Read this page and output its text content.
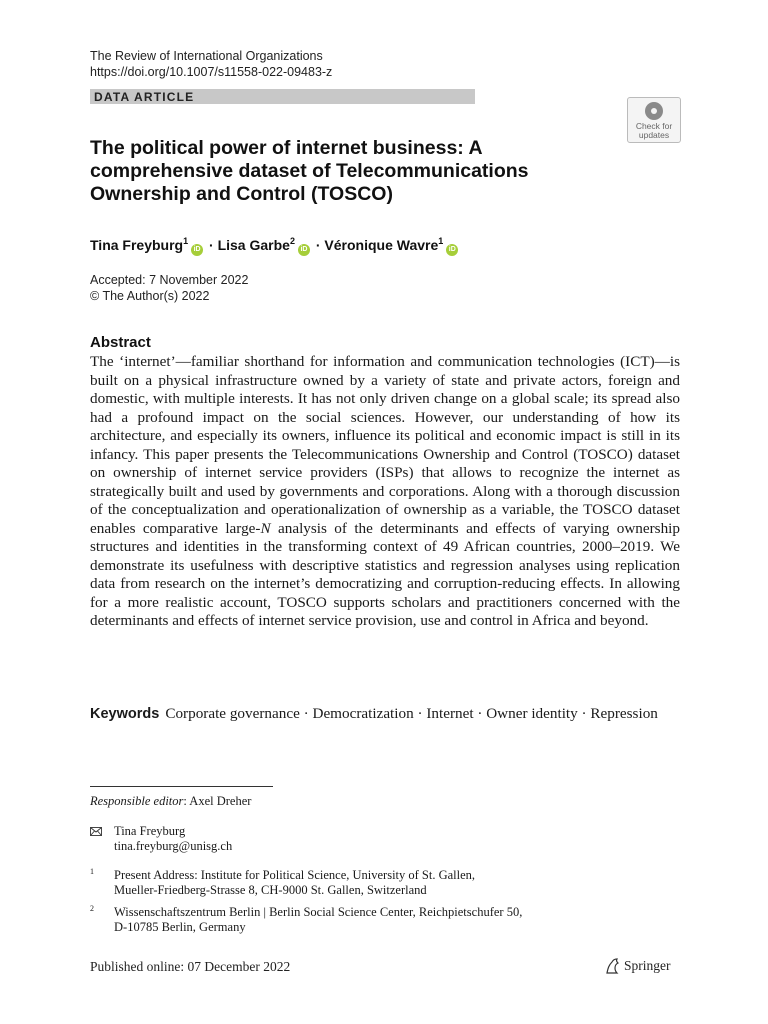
The Review of International Organizations
https://doi.org/10.1007/s11558-022-09483-z
DATA ARTICLE
Check for
updates
The political power of internet business: A comprehensive dataset of Telecommunications Ownership and Control (TOSCO)
Tina Freyburg$^1$iD · Lisa Garbe$^2$iD · Véronique Wavre$^1$iD
Accepted: 7 November 2022
© The Author(s) 2022
Abstract
The ‘internet’—familiar shorthand for information and communication technologies (ICT)—is built on a physical infrastructure owned by a variety of state and private actors, foreign and domestic, with multiple interests. It has not only driven change on a global scale; its spread also had a profound impact on the social sciences. However, our understanding of how its architecture, and especially its owners, influence its political and economic impact is still in its infancy. This paper presents the Telecommunications Ownership and Control (TOSCO) dataset on ownership of internet service providers (ISPs) that allows to recognize the internet as strategically built and used by governments and corporations. Along with a thorough discussion of the conceptualization and operationalization of ownership as a variable, the TOSCO dataset enables comparative large-N analysis of the determinants and effects of varying ownership structures and identities in the transforming context of 49 African countries, 2000–2019. We demonstrate its usefulness with descriptive statistics and regression analyses using replication data from research on the internet’s democratizing and corruption-reducing effects. In allowing for a more realistic account, TOSCO supports scholars and practitioners concerned with the determinants and effects of internet service provision, use and control in Africa and beyond.
Keywords Corporate governance · Democratization · Internet · Owner identity · Repression
Responsible editor: Axel Dreher
Tina Freyburg
tina.freyburg@unisg.ch
1 Present Address: Institute for Political Science, University of St. Gallen,
Mueller-Friedberg-Strasse 8, CH-9000 St. Gallen, Switzerland
2 Wissenschaftszentrum Berlin | Berlin Social Science Center, Reichpietschufer 50,
D-10785 Berlin, Germany
Published online: 07 December 2022	Springer
